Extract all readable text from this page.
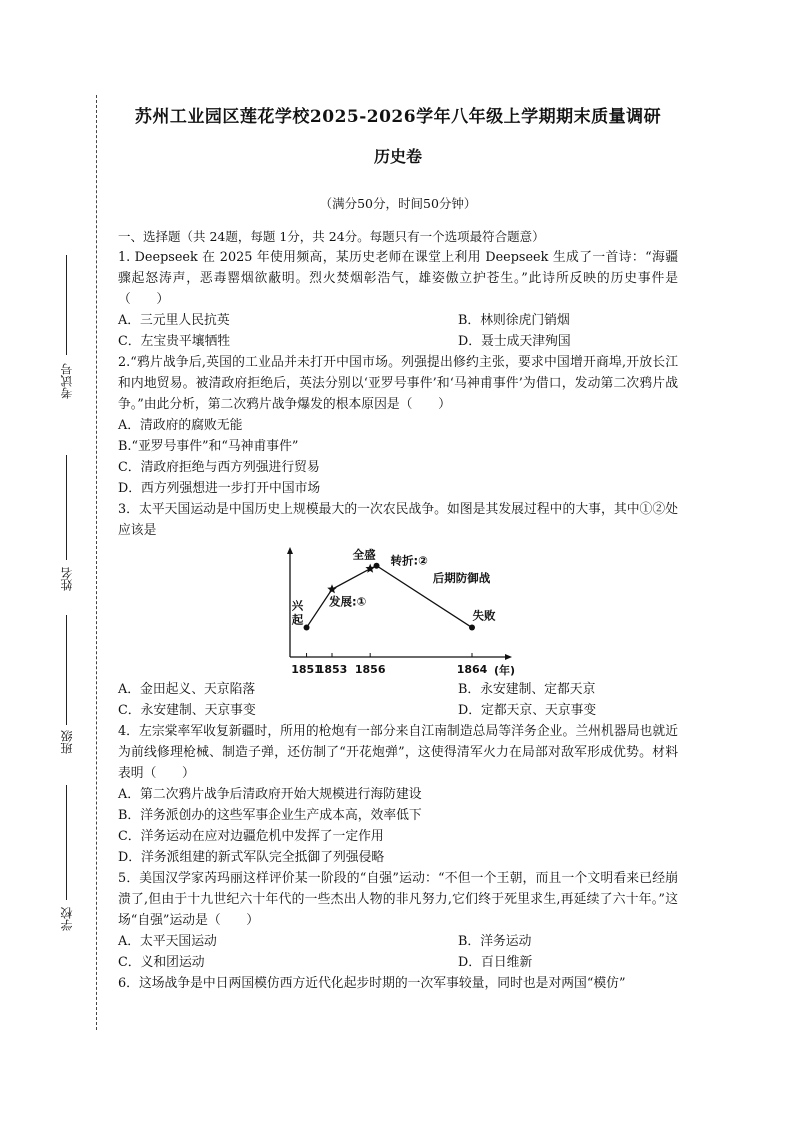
考试号
姓名
班级
学校
苏州工业园区莲花学校2025-2026学年八年级上学期期末质量调研
历史卷
（满分50分，时间50分钟）
一、选择题（共 24题，每题 1分，共 24分。每题只有一个选项最符合题意）
1. Deepseek 在 2025 年使用频高，某历史老师在课堂上利用 Deepseek 生成了一首诗：“海疆骤起怒涛声，恶毒罂烟欲蔽明。烈火焚烟彰浩气，雄姿傲立护苍生。”此诗所反映的历史事件是（　　）
A．三元里人民抗英	B．林则徐虎门销烟
C．左宝贵平壤牺牲	D．聂士成天津殉国
2.“鸦片战争后,英国的工业品并未打开中国市场。列强提出修约主张，要求中国增开商埠,开放长江和内地贸易。被清政府拒绝后，英法分别以‘亚罗号事件’和‘马神甫事件’为借口，发动第二次鸦片战争。”由此分析，第二次鸦片战争爆发的根本原因是（　　）
A．清政府的腐败无能
B.“亚罗号事件”和“马神甫事件”
C．清政府拒绝与西方列强进行贸易
D．西方列强想进一步打开中国市场
3．太平天国运动是中国历史上规模最大的一次农民战争。如图是其发展过程中的大事，其中①②处应该是
1851
1853 1856	1864 (年)
兴
起
发展:①
全盛 转折:②
后期防御战
失败
A．金田起义、天京陷落	B．永安建制、定都天京
C．永安建制、天京事变	D．定都天京、天京事变
4．左宗棠率军收复新疆时，所用的枪炮有一部分来自江南制造总局等洋务企业。兰州机器局也就近为前线修理枪械、制造子弹，还仿制了“开花炮弹”，这使得清军火力在局部对敌军形成优势。材料表明（　　）
A．第二次鸦片战争后清政府开始大规模进行海防建设
B．洋务派创办的这些军事企业生产成本高，效率低下
C．洋务运动在应对边疆危机中发挥了一定作用
D．洋务派组建的新式军队完全抵御了列强侵略
5．美国汉学家芮玛丽这样评价某一阶段的“自强”运动：“不但一个王朝，而且一个文明看来已经崩溃了,但由于十九世纪六十年代的一些杰出人物的非凡努力,它们终于死里求生,再延续了六十年。”这场“自强”运动是（　　）
A．太平天国运动	B．洋务运动
C．义和团运动	D．百日维新
6．这场战争是中日两国模仿西方近代化起步时期的一次军事较量，同时也是对两国“模仿”
